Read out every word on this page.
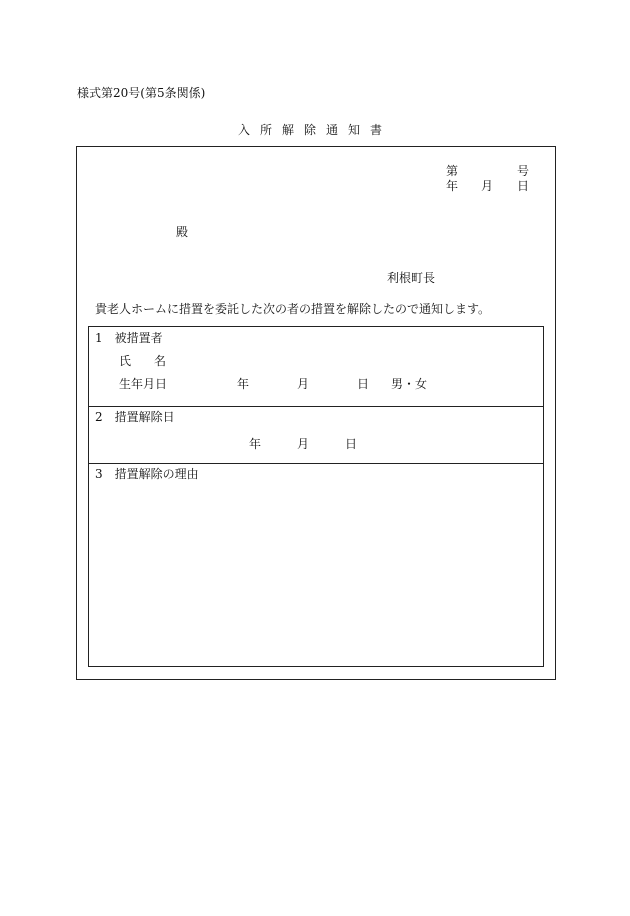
様式第20号(第5条関係)
入所解除通知書
第	号
年 月 日
殿
利根町長
貴老人ホームに措置を委託した次の者の措置を解除したので通知します。
1　被措置者
氏 名
生年月日	年	月	日 男・女
2　措置解除日
年	月	日
3　措置解除の理由
